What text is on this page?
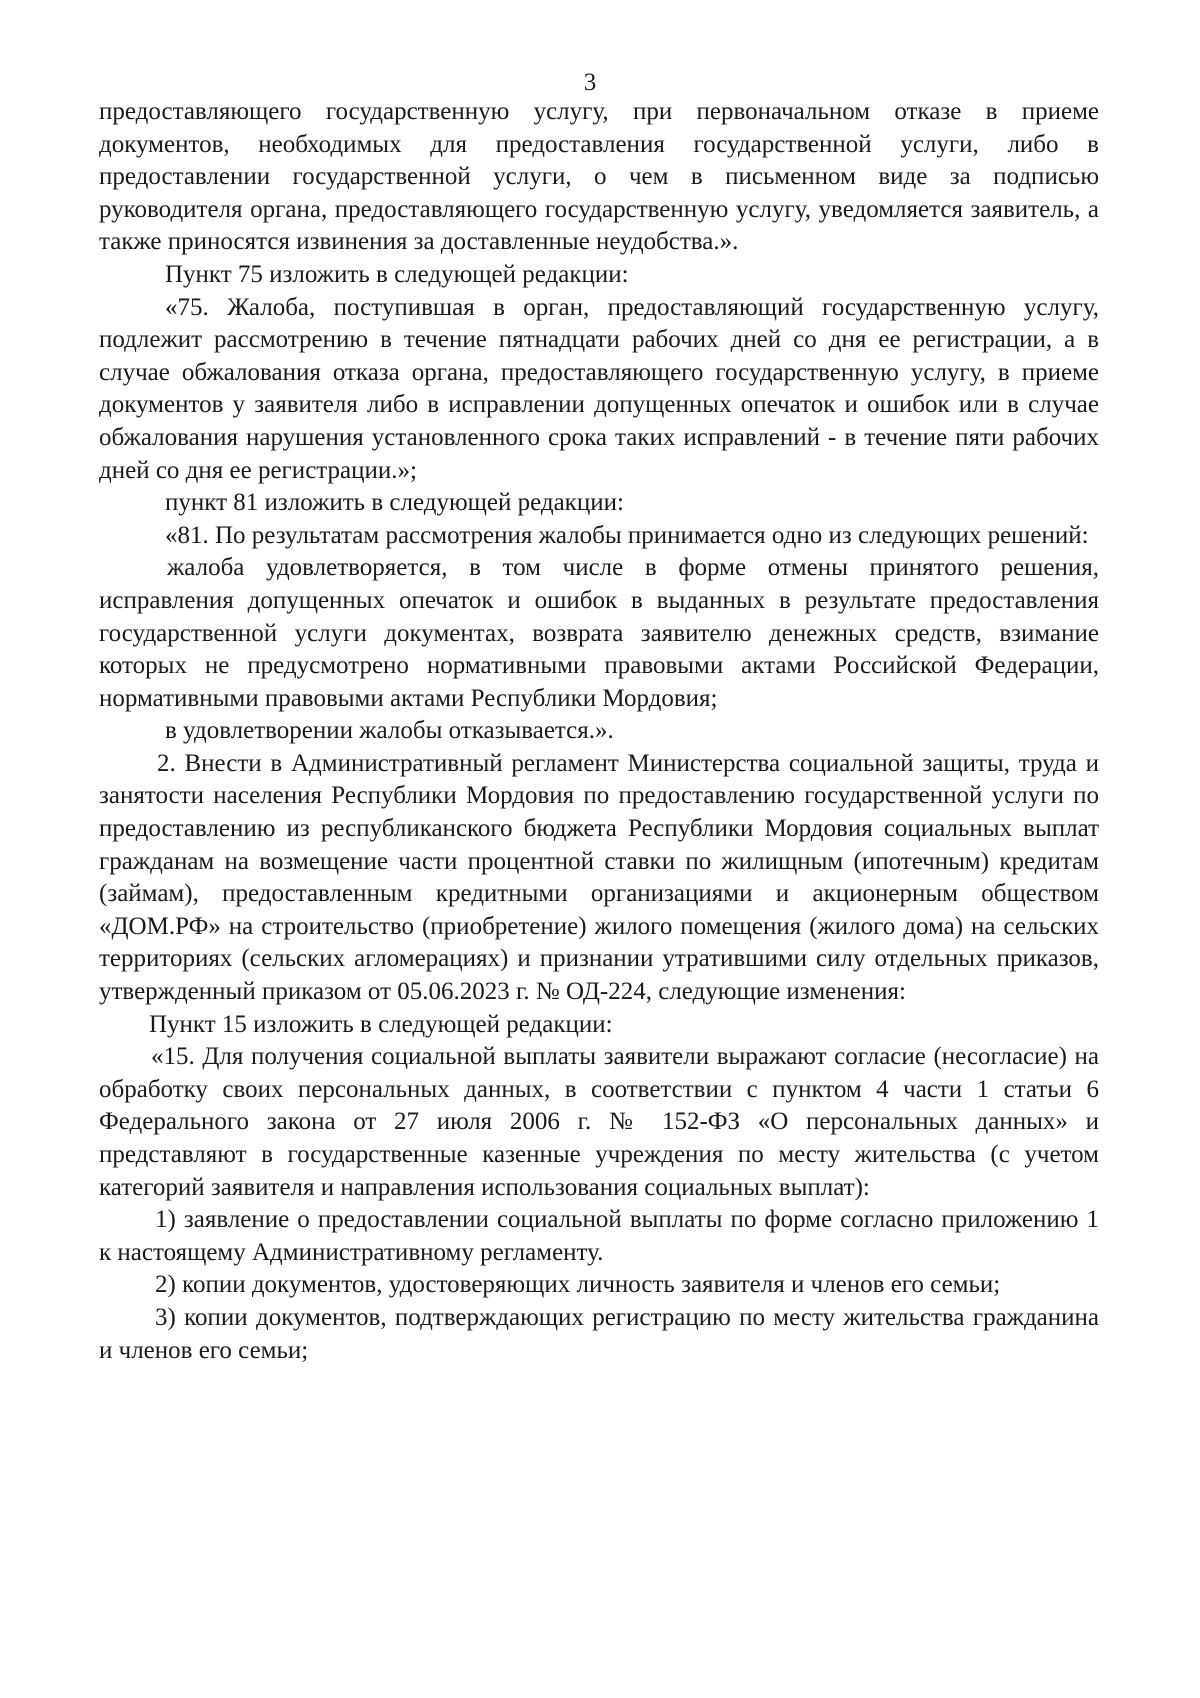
3

предоставляющего государственную услугу, при первоначальном отказе в приеме документов, необходимых для предоставления государственной услуги, либо в предоставлении государственной услуги, о чем в письменном виде за подписью руководителя органа, предоставляющего государственную услугу, уведомляется заявитель, а также приносятся извинения за доставленные неудобства.».

Пункт 75 изложить в следующей редакции:

«75. Жалоба, поступившая в орган, предоставляющий государственную услугу, подлежит рассмотрению в течение пятнадцати рабочих дней со дня ее регистрации, а в случае обжалования отказа органа, предоставляющего государственную услугу, в приеме документов у заявителя либо в исправлении допущенных опечаток и ошибок или в случае обжалования нарушения установленного срока таких исправлений - в течение пяти рабочих дней со дня ее регистрации.»;

пункт 81 изложить в следующей редакции:

«81. По результатам рассмотрения жалобы принимается одно из следующих решений:

жалоба удовлетворяется, в том числе в форме отмены принятого решения, исправления допущенных опечаток и ошибок в выданных в результате предоставления государственной услуги документах, возврата заявителю денежных средств, взимание которых не предусмотрено нормативными правовыми актами Российской Федерации, нормативными правовыми актами Республики Мордовия;

в удовлетворении жалобы отказывается.».

2. Внести в Административный регламент Министерства социальной защиты, труда и занятости населения Республики Мордовия по предоставлению государственной услуги по предоставлению из республиканского бюджета Республики Мордовия социальных выплат гражданам на возмещение части процентной ставки по жилищным (ипотечным) кредитам (займам), предоставленным кредитными организациями и акционерным обществом «ДОМ.РФ» на строительство (приобретение) жилого помещения (жилого дома) на сельских территориях (сельских агломерациях) и признании утратившими силу отдельных приказов, утвержденный приказом от 05.06.2023 г. № ОД-224, следующие изменения:

Пункт 15 изложить в следующей редакции:

«15. Для получения социальной выплаты заявители выражают согласие (несогласие) на обработку своих персональных данных, в соответствии с пунктом 4 части 1 статьи 6 Федерального закона от 27 июля 2006 г. № 152-ФЗ «О персональных данных» и представляют в государственные казенные учреждения по месту жительства (с учетом категорий заявителя и направления использования социальных выплат):

1) заявление о предоставлении социальной выплаты по форме согласно приложению 1 к настоящему Административному регламенту.

2) копии документов, удостоверяющих личность заявителя и членов его семьи;

3) копии документов, подтверждающих регистрацию по месту жительства гражданина и членов его семьи;
